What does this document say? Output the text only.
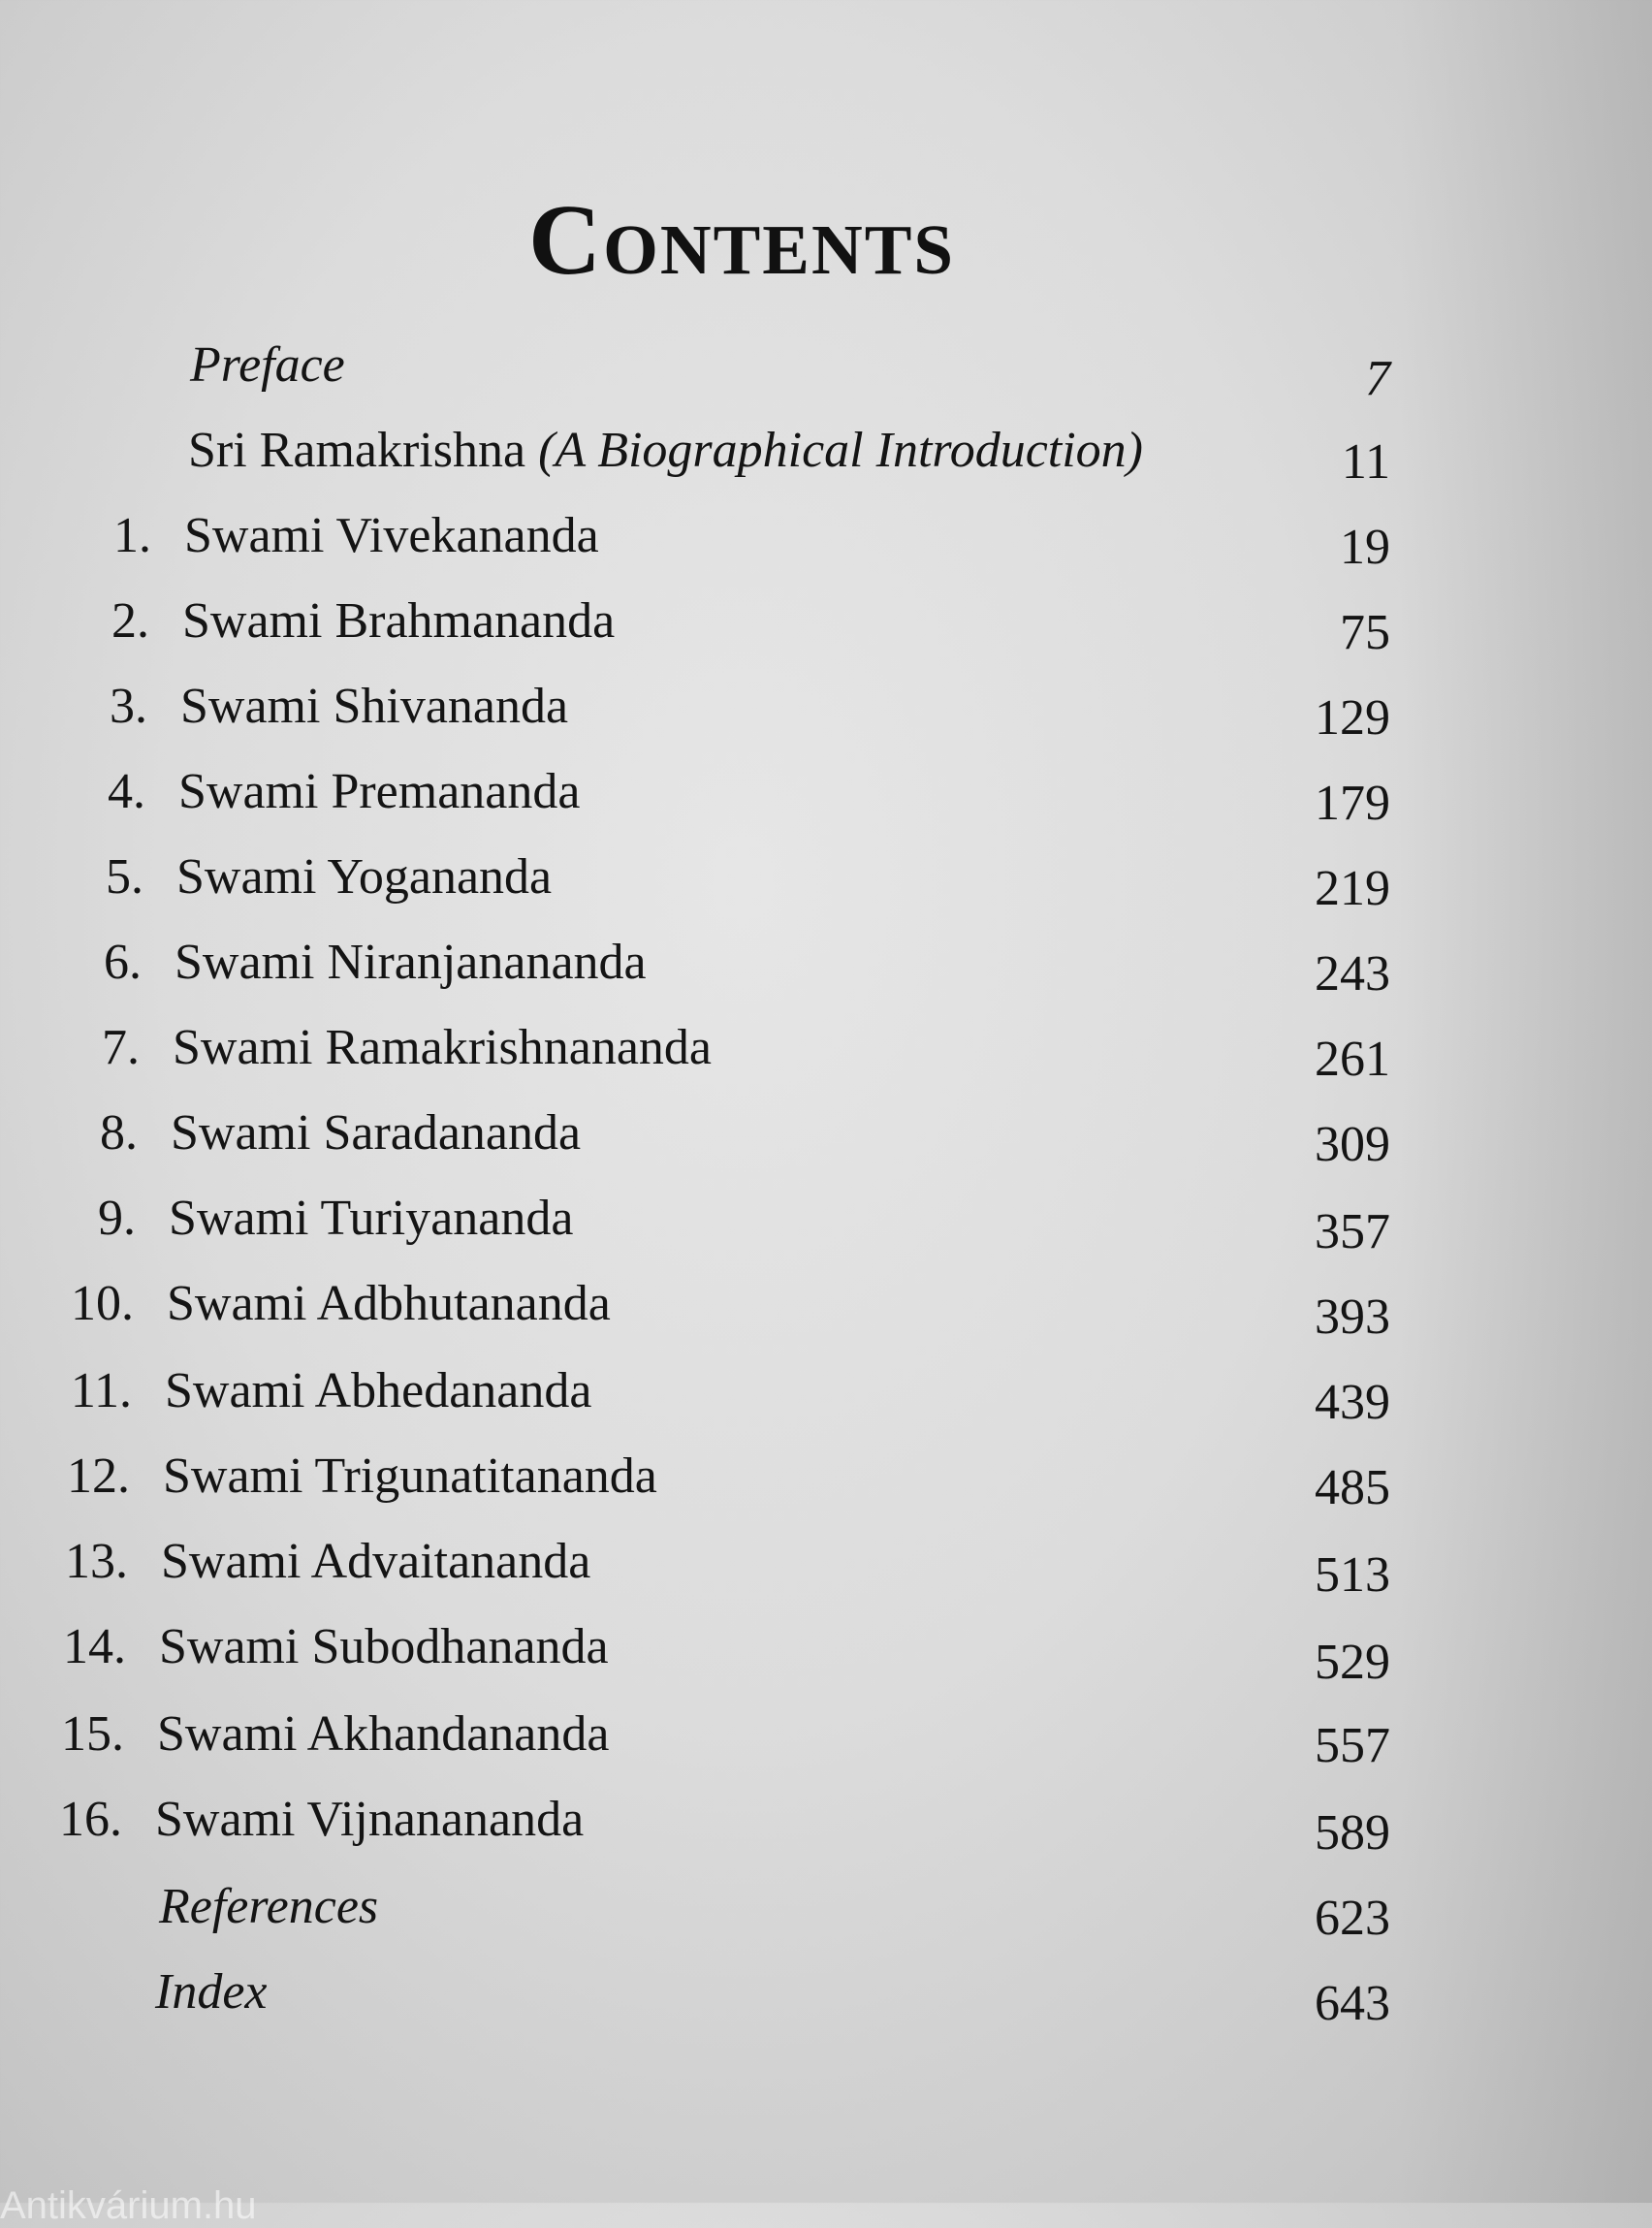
Contents
Preface	7
Sri Ramakrishna (A Biographical Introduction)	11
1. Swami Vivekananda	19
2. Swami Brahmananda	75
3. Swami Shivananda	129
4. Swami Premananda	179
5. Swami Yogananda	219
6. Swami Niranjanananda	243
7. Swami Ramakrishnananda	261
8. Swami Saradananda	309
9. Swami Turiyananda	357
10. Swami Adbhutananda	393
11. Swami Abhedananda	439
12. Swami Trigunatitananda	485
13. Swami Advaitananda	513
14. Swami Subodhananda	529
15. Swami Akhandananda	557
16. Swami Vijnanananda	589
References	623
Index	643
Antikvárium.hu
